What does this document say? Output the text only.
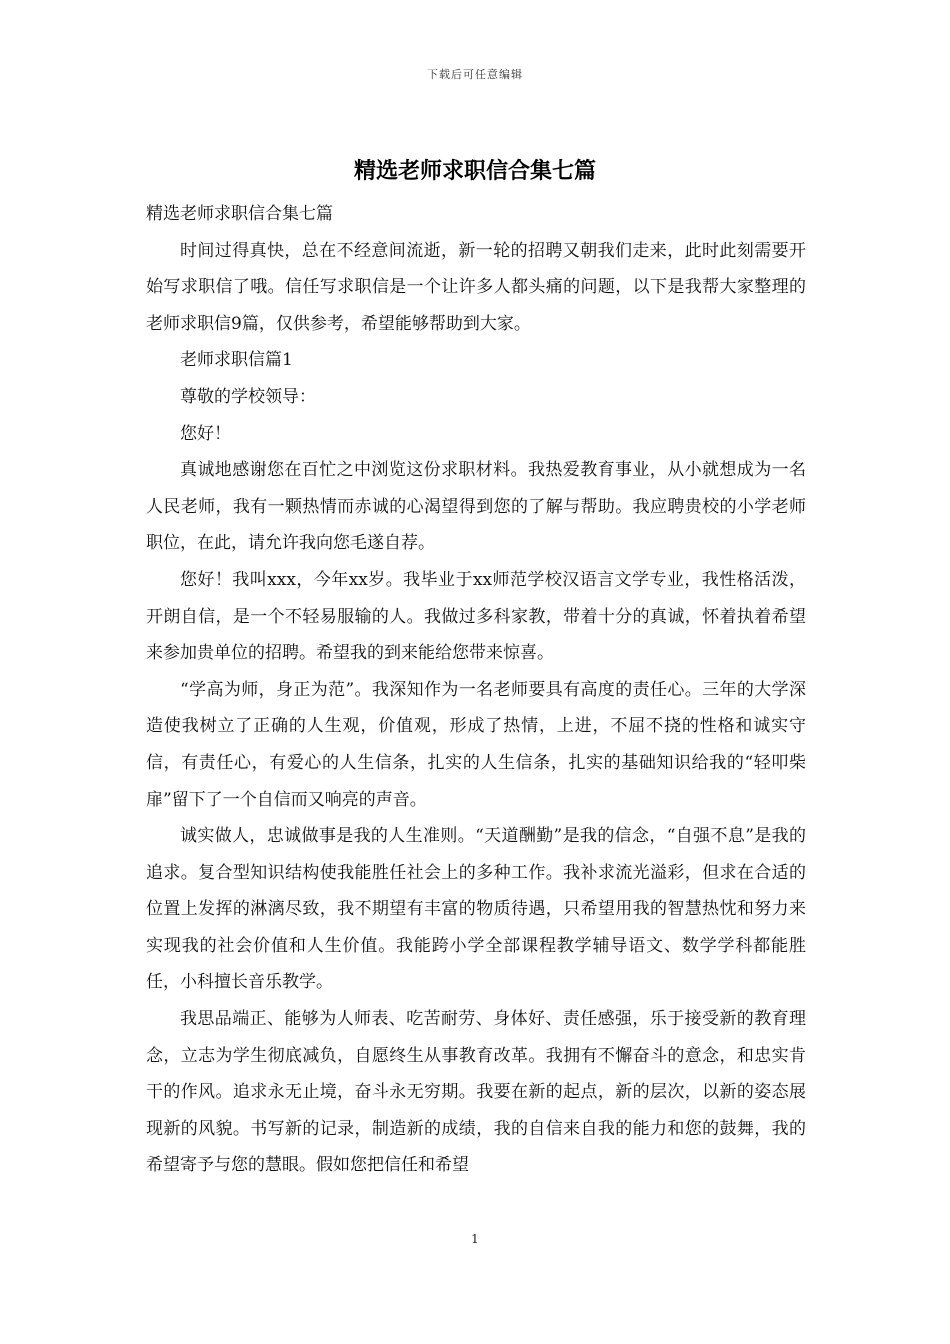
下载后可任意编辑
精选老师求职信合集七篇

精选老师求职信合集七篇

时间过得真快，总在不经意间流逝，新一轮的招聘又朝我们走来，此时此刻需要开始写求职信了哦。信任写求职信是一个让许多人都头痛的问题，以下是我帮大家整理的老师求职信9篇，仅供参考，希望能够帮助到大家。

老师求职信篇1

尊敬的学校领导：

您好！

真诚地感谢您在百忙之中浏览这份求职材料。我热爱教育事业，从小就想成为一名人民老师，我有一颗热情而赤诚的心渴望得到您的了解与帮助。我应聘贵校的小学老师职位，在此，请允许我向您毛遂自荐。

您好！我叫xxx，今年xx岁。我毕业于xx师范学校汉语言文学专业，我性格活泼，开朗自信，是一个不轻易服输的人。我做过多科家教，带着十分的真诚，怀着执着希望来参加贵单位的招聘。希望我的到来能给您带来惊喜。

“学高为师，身正为范”。我深知作为一名老师要具有高度的责任心。三年的大学深造使我树立了正确的人生观，价值观，形成了热情，上进，不屈不挠的性格和诚实守信，有责任心，有爱心的人生信条，扎实的人生信条，扎实的基础知识给我的“轻叩柴扉”留下了一个自信而又响亮的声音。

诚实做人，忠诚做事是我的人生准则。“天道酬勤”是我的信念，“自强不息”是我的追求。复合型知识结构使我能胜任社会上的多种工作。我补求流光溢彩，但求在合适的位置上发挥的淋漓尽致，我不期望有丰富的物质待遇，只希望用我的智慧热忱和努力来实现我的社会价值和人生价值。我能跨小学全部课程教学辅导语文、数学学科都能胜任，小科擅长音乐教学。

我思品端正、能够为人师表、吃苦耐劳、身体好、责任感强，乐于接受新的教育理念，立志为学生彻底减负，自愿终生从事教育改革。我拥有不懈奋斗的意念，和忠实肯干的作风。追求永无止境，奋斗永无穷期。我要在新的起点，新的层次，以新的姿态展现新的风貌。书写新的记录，制造新的成绩，我的自信来自我的能力和您的鼓舞，我的希望寄予与您的慧眼。假如您把信任和希望

1
